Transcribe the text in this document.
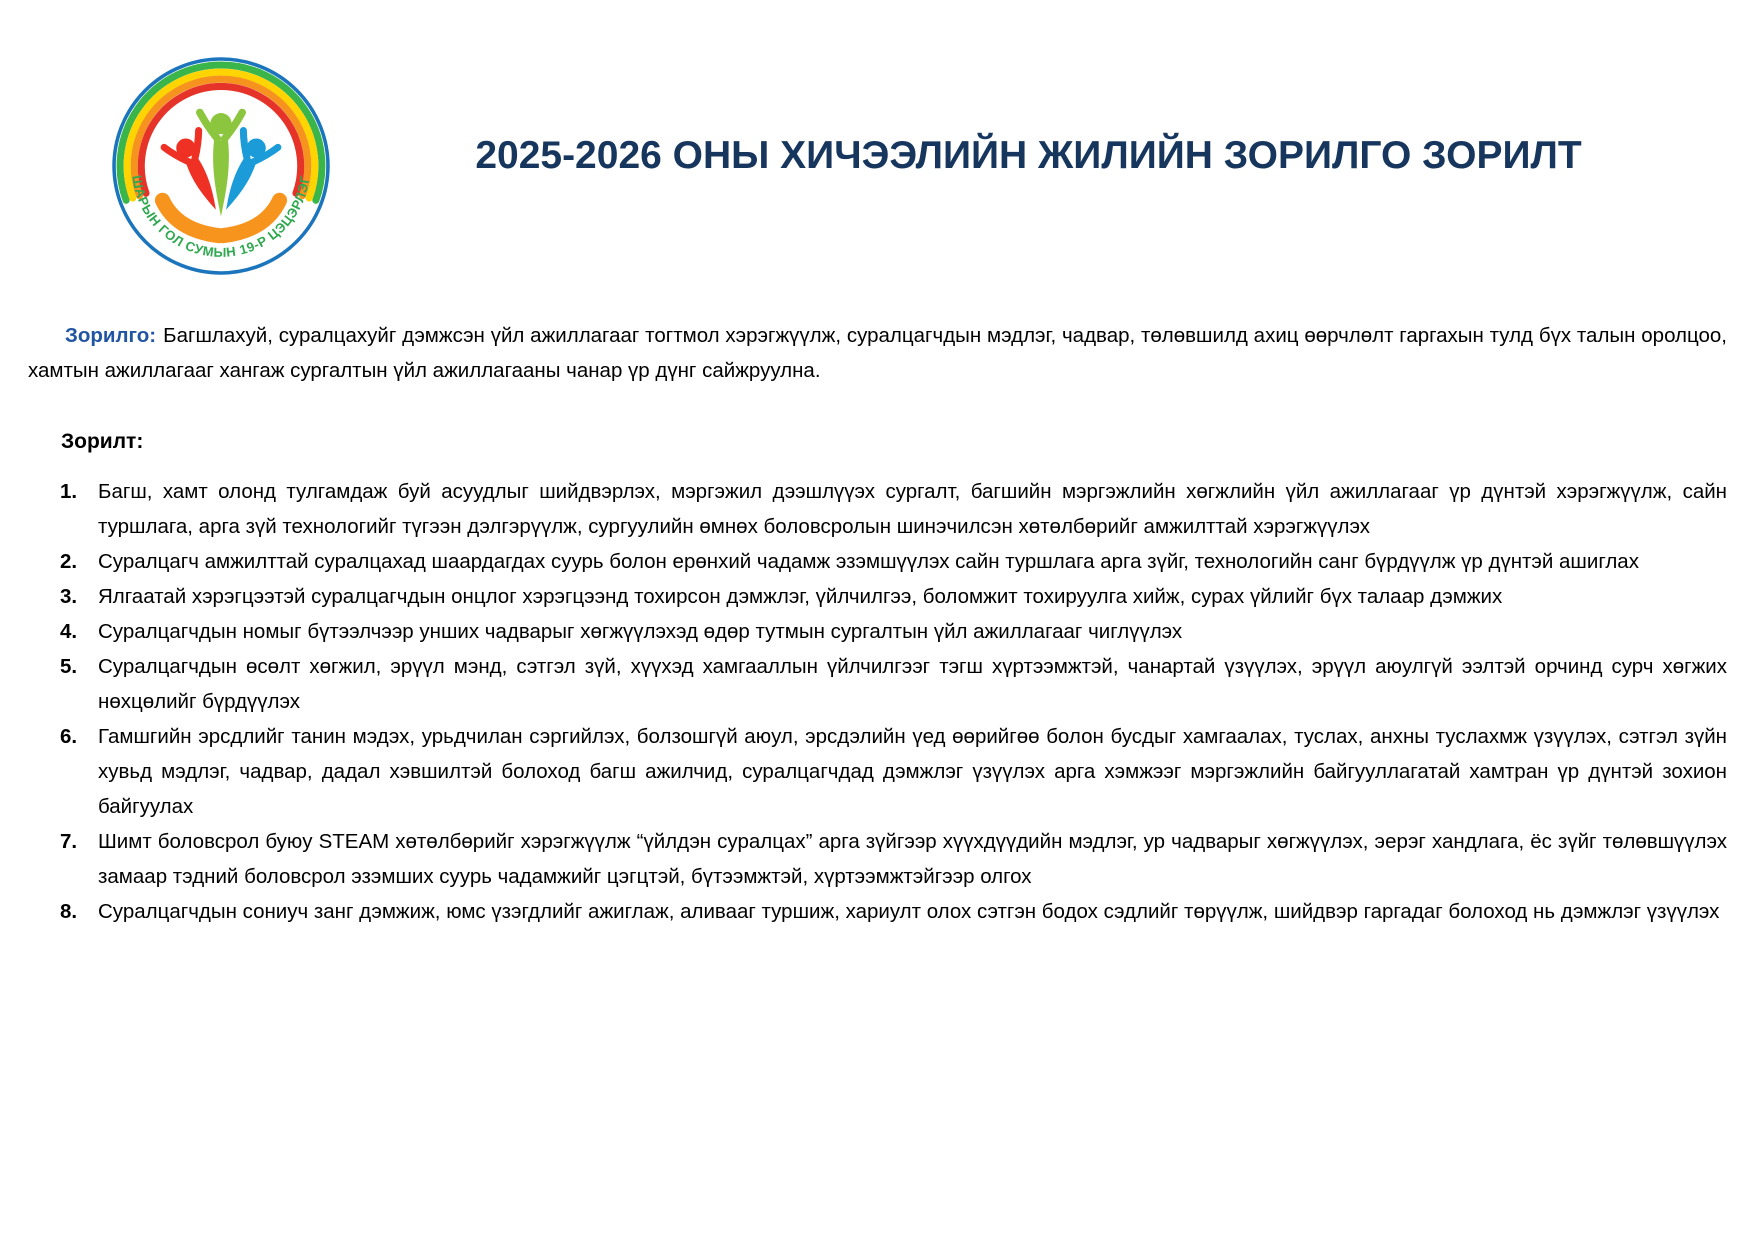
ШАРЫН ГОЛ СУМЫН 19-Р ЦЭЦЭРЛЭГ
2025-2026 ОНЫ ХИЧЭЭЛИЙН ЖИЛИЙН ЗОРИЛГО ЗОРИЛТ

Зорилго: Багшлахуй, суралцахуйг дэмжсэн үйл ажиллагааг тогтмол хэрэгжүүлж, суралцагчдын мэдлэг, чадвар, төлөвшилд ахиц өөрчлөлт гаргахын тулд бүх талын оролцоо, хамтын ажиллагааг хангаж сургалтын үйл ажиллагааны чанар үр дүнг сайжруулна.

Зорилт:

1. Багш, хамт олонд тулгамдаж буй асуудлыг шийдвэрлэх, мэргэжил дээшлүүэх сургалт, багшийн мэргэжлийн хөгжлийн үйл ажиллагааг үр дүнтэй хэрэгжүүлж, сайн туршлага, арга зүй технологийг түгээн дэлгэрүүлж, сургуулийн өмнөх боловсролын шинэчилсэн хөтөлбөрийг амжилттай хэрэгжүүлэх
2. Суралцагч амжилттай суралцахад шаардагдах суурь болон ерөнхий чадамж эзэмшүүлэх сайн туршлага арга зүйг, технологийн санг бүрдүүлж үр дүнтэй ашиглах
3. Ялгаатай хэрэгцээтэй суралцагчдын онцлог хэрэгцээнд тохирсон дэмжлэг, үйлчилгээ, боломжит тохируулга хийж, сурах үйлийг бүх талаар дэмжих
4. Суралцагчдын номыг бүтээлчээр унших чадварыг хөгжүүлэхэд өдөр тутмын сургалтын үйл ажиллагааг чиглүүлэх
5. Суралцагчдын өсөлт хөгжил, эрүүл мэнд, сэтгэл зүй, хүүхэд хамгааллын үйлчилгээг тэгш хүртээмжтэй, чанартай үзүүлэх, эрүүл аюулгүй ээлтэй орчинд сурч хөгжих нөхцөлийг бүрдүүлэх
6. Гамшгийн эрсдлийг танин мэдэх, урьдчилан сэргийлэх, болзошгүй аюул, эрсдэлийн үед өөрийгөө болон бусдыг хамгаалах, туслах, анхны туслахмж үзүүлэх, сэтгэл зүйн хувьд мэдлэг, чадвар, дадал хэвшилтэй болоход багш ажилчид, суралцагчдад дэмжлэг үзүүлэх арга хэмжээг мэргэжлийн байгууллагатай хамтран үр дүнтэй зохион байгуулах
7. Шимт боловсрол буюу STEAM хөтөлбөрийг хэрэгжүүлж “үйлдэн суралцах” арга зүйгээр хүүхдүүдийн мэдлэг, ур чадварыг хөгжүүлэх, эерэг хандлага, ёс зүйг төлөвшүүлэх замаар тэдний боловсрол эзэмших суурь чадамжийг цэгцтэй, бүтээмжтэй, хүртээмжтэйгээр олгох
8. Суралцагчдын сониуч занг дэмжиж, юмс үзэгдлийг ажиглаж, аливааг туршиж, хариулт олох сэтгэн бодох сэдлийг төрүүлж, шийдвэр гаргадаг болоход нь дэмжлэг үзүүлэх
